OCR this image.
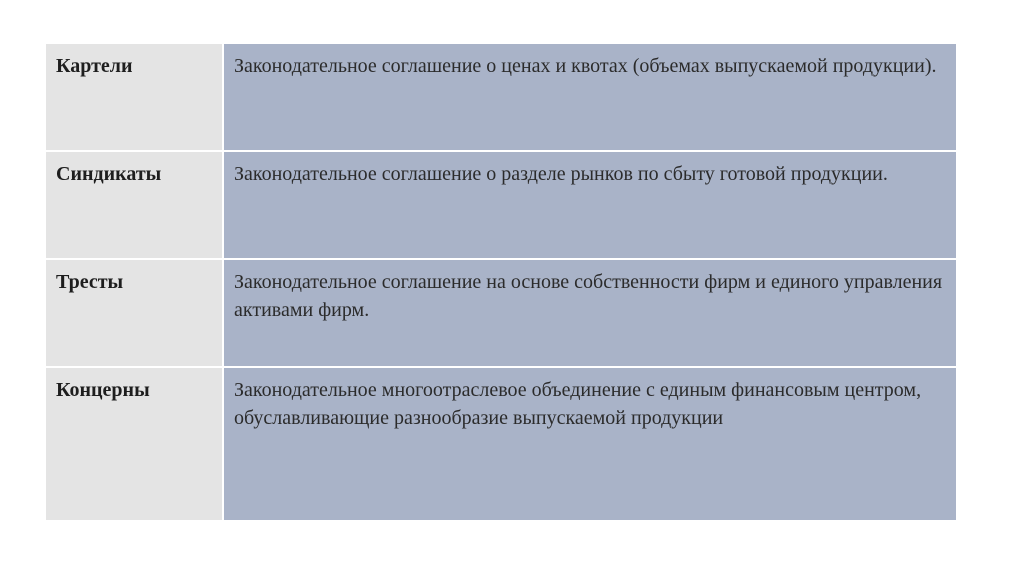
Картели	Законодательное соглашение о ценах и квотах (объемах выпускаемой продукции).
Синдикаты	Законодательное соглашение о разделе рынков по сбыту готовой продукции.
Тресты	Законодательное соглашение на основе собственности фирм и единого управления активами фирм.
Концерны	Законодательное многоотраслевое объединение с единым финансовым центром, обуславливающие разнообразие выпускаемой продукции
